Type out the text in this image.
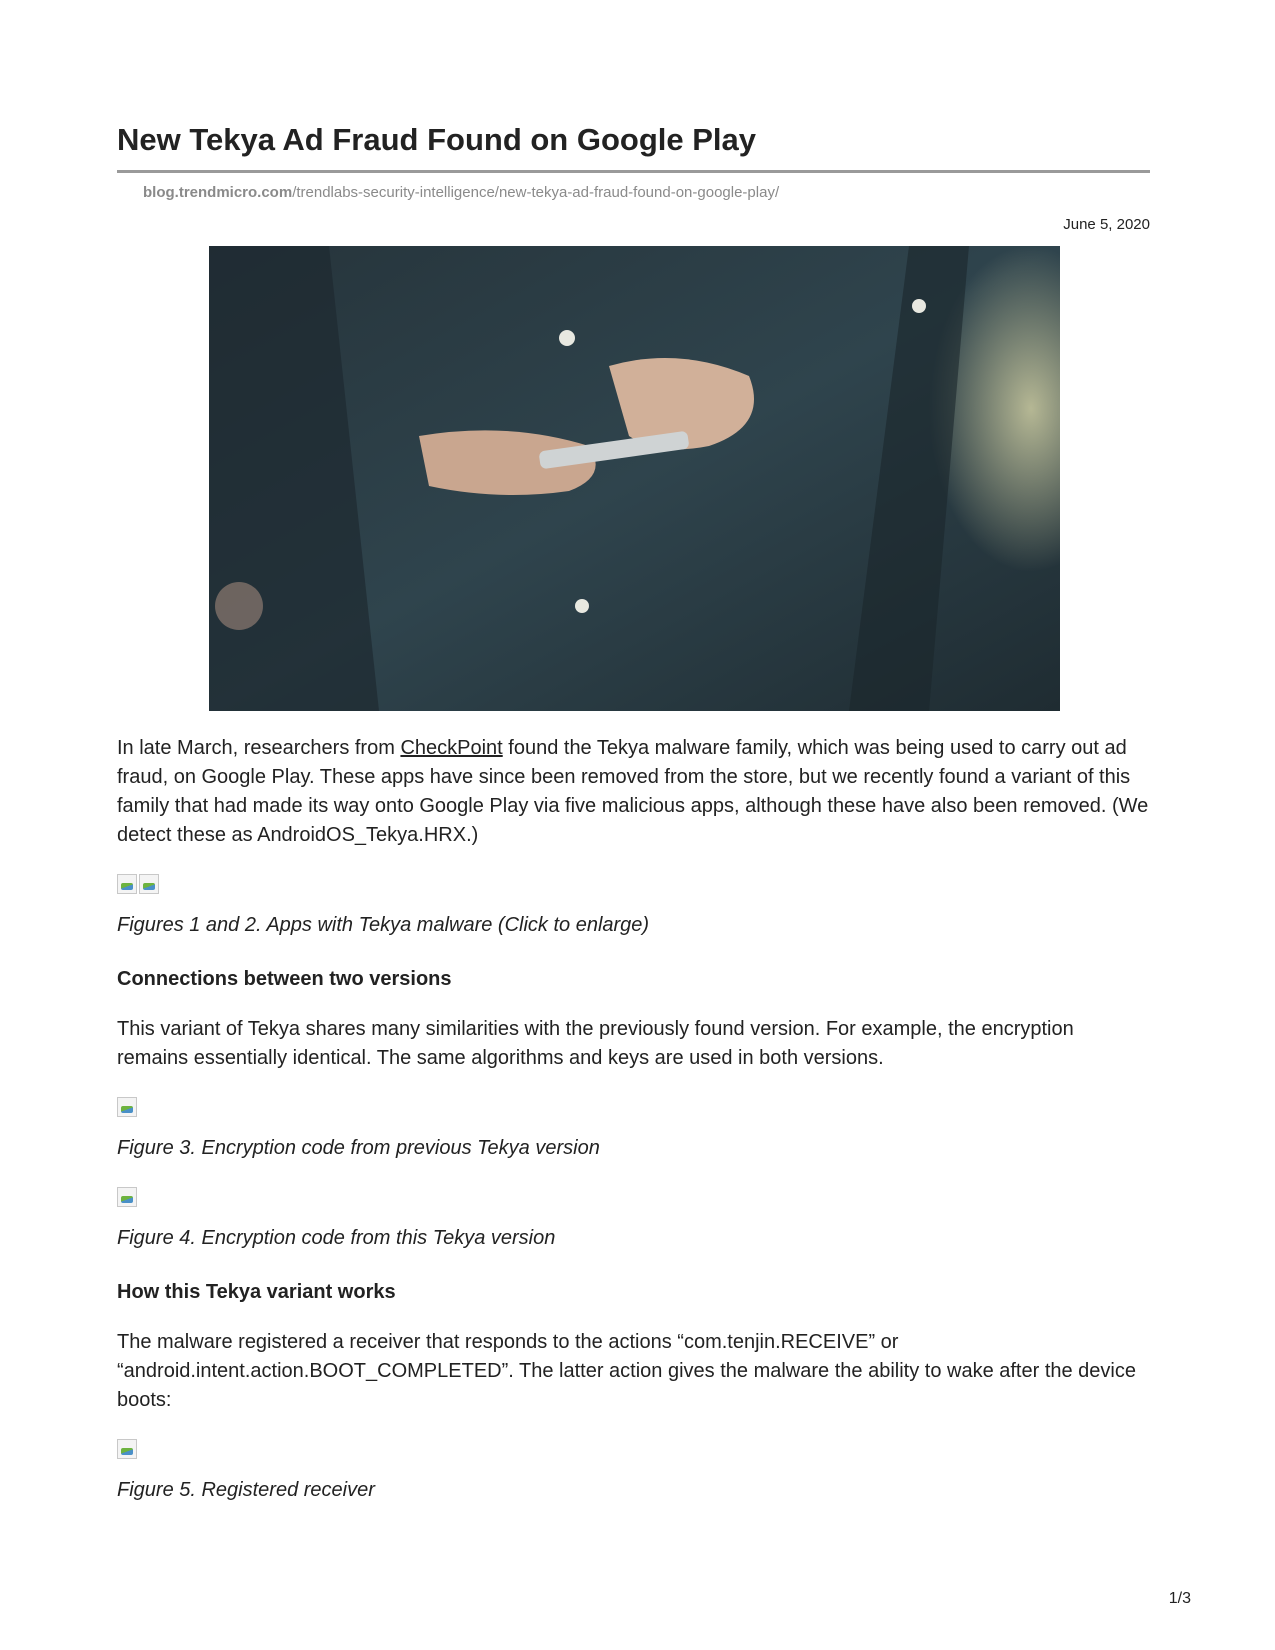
New Tekya Ad Fraud Found on Google Play
blog.trendmicro.com/trendlabs-security-intelligence/new-tekya-ad-fraud-found-on-google-play/
June 5, 2020

In late March, researchers from CheckPoint found the Tekya malware family, which was being used to carry out ad fraud, on Google Play. These apps have since been removed from the store, but we recently found a variant of this family that had made its way onto Google Play via five malicious apps, although these have also been removed. (We detect these as AndroidOS_Tekya.HRX.)

Figures 1 and 2. Apps with Tekya malware (Click to enlarge)

Connections between two versions

This variant of Tekya shares many similarities with the previously found version. For example, the encryption remains essentially identical. The same algorithms and keys are used in both versions.

Figure 3. Encryption code from previous Tekya version

Figure 4. Encryption code from this Tekya version

How this Tekya variant works

The malware registered a receiver that responds to the actions “com.tenjin.RECEIVE” or “android.intent.action.BOOT_COMPLETED”. The latter action gives the malware the ability to wake after the device boots:

Figure 5. Registered receiver

1/3
